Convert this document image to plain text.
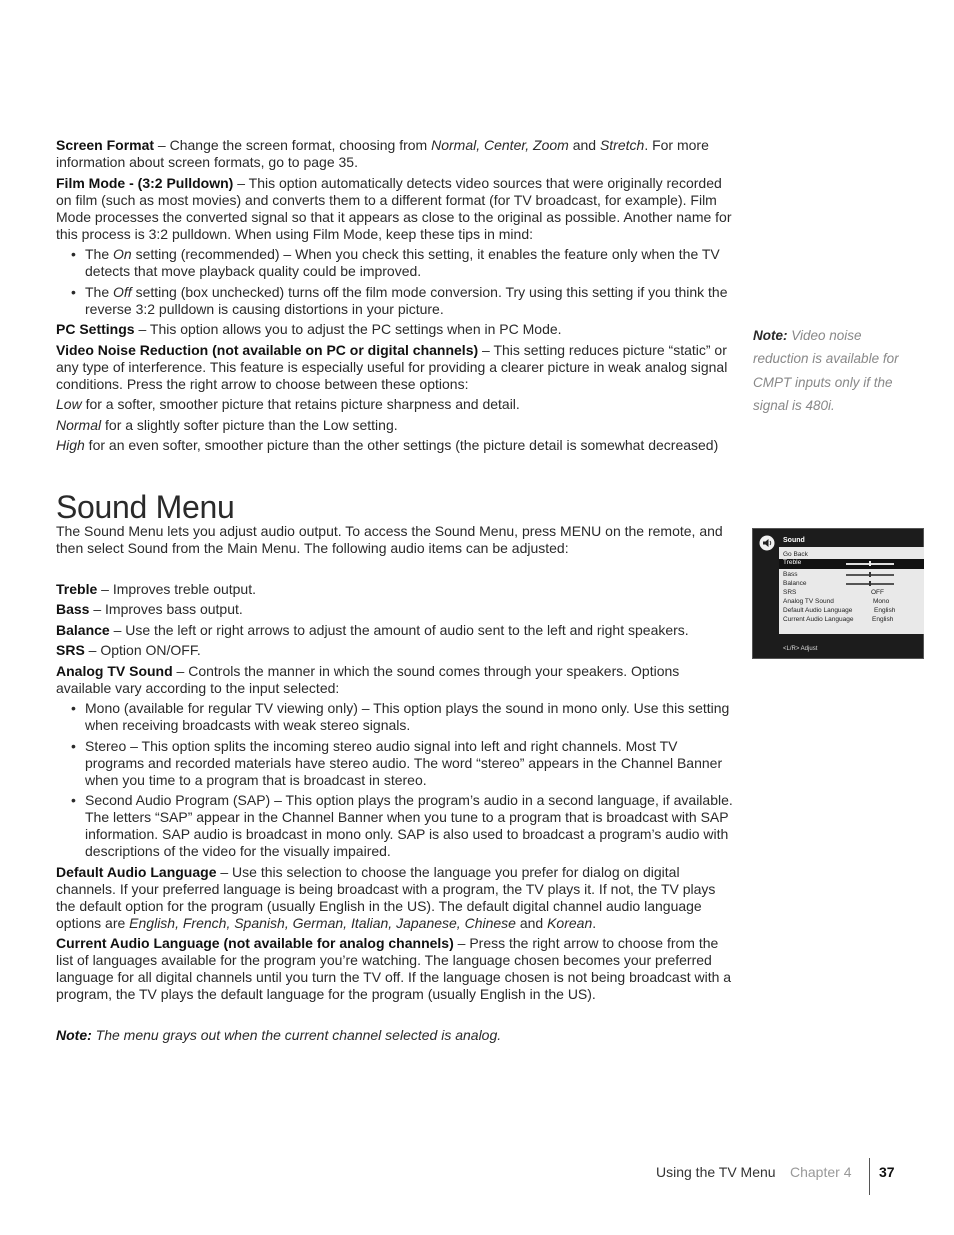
Screen Format – Change the screen format, choosing from Normal, Center, Zoom and Stretch. For more information about screen formats, go to page 35.

Film Mode - (3:2 Pulldown) – This option automatically detects video sources that were originally recorded on film (such as most movies) and converts them to a different format (for TV broadcast, for example). Film Mode processes the converted signal so that it appears as close to the original as possible. Another name for this process is 3:2 pulldown. When using Film Mode, keep these tips in mind:

• The On setting (recommended) – When you check this setting, it enables the feature only when the TV detects that move playback quality could be improved.
• The Off setting (box unchecked) turns off the film mode conversion. Try using this setting if you think the reverse 3:2 pulldown is causing distortions in your picture.

PC Settings – This option allows you to adjust the PC settings when in PC Mode.

Video Noise Reduction (not available on PC or digital channels) – This setting reduces picture “static” or any type of interference. This feature is especially useful for providing a clearer picture in weak analog signal conditions. Press the right arrow to choose between these options:

Low for a softer, smoother picture that retains picture sharpness and detail.

Normal for a slightly softer picture than the Low setting.

High for an even softer, smoother picture than the other settings (the picture detail is somewhat decreased)

Sound Menu

The Sound Menu lets you adjust audio output. To access the Sound Menu, press MENU on the remote, and then select Sound from the Main Menu. The following audio items can be adjusted:

Treble – Improves treble output.

Bass – Improves bass output.

Balance – Use the left or right arrows to adjust the amount of audio sent to the left and right speakers.

SRS – Option ON/OFF.

Analog TV Sound – Controls the manner in which the sound comes through your speakers. Options available vary according to the input selected:

• Mono (available for regular TV viewing only) – This option plays the sound in mono only. Use this setting when receiving broadcasts with weak stereo signals.
• Stereo – This option splits the incoming stereo audio signal into left and right channels. Most TV programs and recorded materials have stereo audio. The word “stereo” appears in the Channel Banner when you time to a program that is broadcast in stereo.
• Second Audio Program (SAP) – This option plays the program’s audio in a second language, if available. The letters “SAP” appear in the Channel Banner when you tune to a program that is broadcast with SAP information. SAP audio is broadcast in mono only. SAP is also used to broadcast a program’s audio with descriptions of the video for the visually impaired.

Default Audio Language – Use this selection to choose the language you prefer for dialog on digital channels. If your preferred language is being broadcast with a program, the TV plays it. If not, the TV plays the default option for the program (usually English in the US). The default digital channel audio language options are English, French, Spanish, German, Italian, Japanese, Chinese and Korean.

Current Audio Language (not available for analog channels) – Press the right arrow to choose from the list of languages available for the program you’re watching. The language chosen becomes your preferred language for all digital channels until you turn the TV off. If the language chosen is not being broadcast with a program, the TV plays the default language for the program (usually English in the US).

Note: The menu grays out when the current channel selected is analog.

Note: Video noise reduction is available for CMPT inputs only if the signal is 480i.
Sound
Go Back
Treble
Bass
Balance
SRS	OFF
Analog TV Sound	Mono
Default Audio Language	English
Current Audio Language	English
<L/R> Adjust
Using the TV Menu Chapter 4 37
